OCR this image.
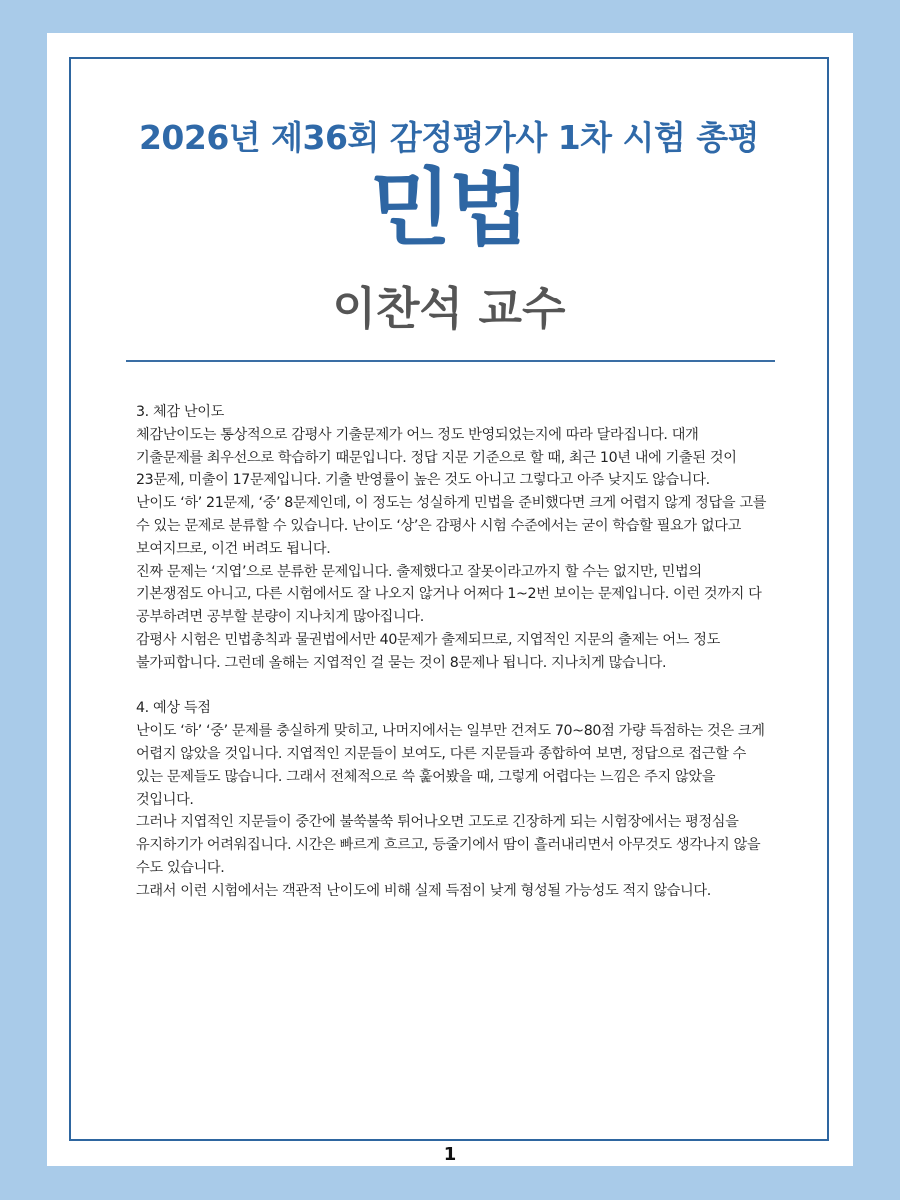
2026년 제36회 감정평가사 1차 시험 총평
민법
이찬석 교수

3. 체감 난이도

체감난이도는 통상적으로 감평사 기출문제가 어느 정도 반영되었는지에 따라 달라집니다. 대개 기출문제를 최우선으로 학습하기 때문입니다. 정답 지문 기준으로 할 때, 최근 10년 내에 기출된 것이 23문제, 미출이 17문제입니다. 기출 반영률이 높은 것도 아니고 그렇다고 아주 낮지도 않습니다.

난이도 ‘하’ 21문제, ‘중’ 8문제인데, 이 정도는 성실하게 민법을 준비했다면 크게 어렵지 않게 정답을 고를 수 있는 문제로 분류할 수 있습니다. 난이도 ‘상’은 감평사 시험 수준에서는 굳이 학습할 필요가 없다고 보여지므로, 이건 버려도 됩니다.

진짜 문제는 ‘지엽’으로 분류한 문제입니다. 출제했다고 잘못이라고까지 할 수는 없지만, 민법의 기본쟁점도 아니고, 다른 시험에서도 잘 나오지 않거나 어쩌다 1~2번 보이는 문제입니다. 이런 것까지 다 공부하려면 공부할 분량이 지나치게 많아집니다.

감평사 시험은 민법총칙과 물권법에서만 40문제가 출제되므로, 지엽적인 지문의 출제는 어느 정도 불가피합니다. 그런데 올해는 지엽적인 걸 묻는 것이 8문제나 됩니다. 지나치게 많습니다.

4. 예상 득점

난이도 ‘하’ ‘중’ 문제를 충실하게 맞히고, 나머지에서는 일부만 건져도 70~80점 가량 득점하는 것은 크게 어렵지 않았을 것입니다. 지엽적인 지문들이 보여도, 다른 지문들과 종합하여 보면, 정답으로 접근할 수 있는 문제들도 많습니다. 그래서 전체적으로 쓱 훑어봤을 때, 그렇게 어렵다는 느낌은 주지 않았을 것입니다.

그러나 지엽적인 지문들이 중간에 불쑥불쑥 튀어나오면 고도로 긴장하게 되는 시험장에서는 평정심을 유지하기가 어려워집니다. 시간은 빠르게 흐르고, 등줄기에서 땀이 흘러내리면서 아무것도 생각나지 않을 수도 있습니다.

그래서 이런 시험에서는 객관적 난이도에 비해 실제 득점이 낮게 형성될 가능성도 적지 않습니다.

1
